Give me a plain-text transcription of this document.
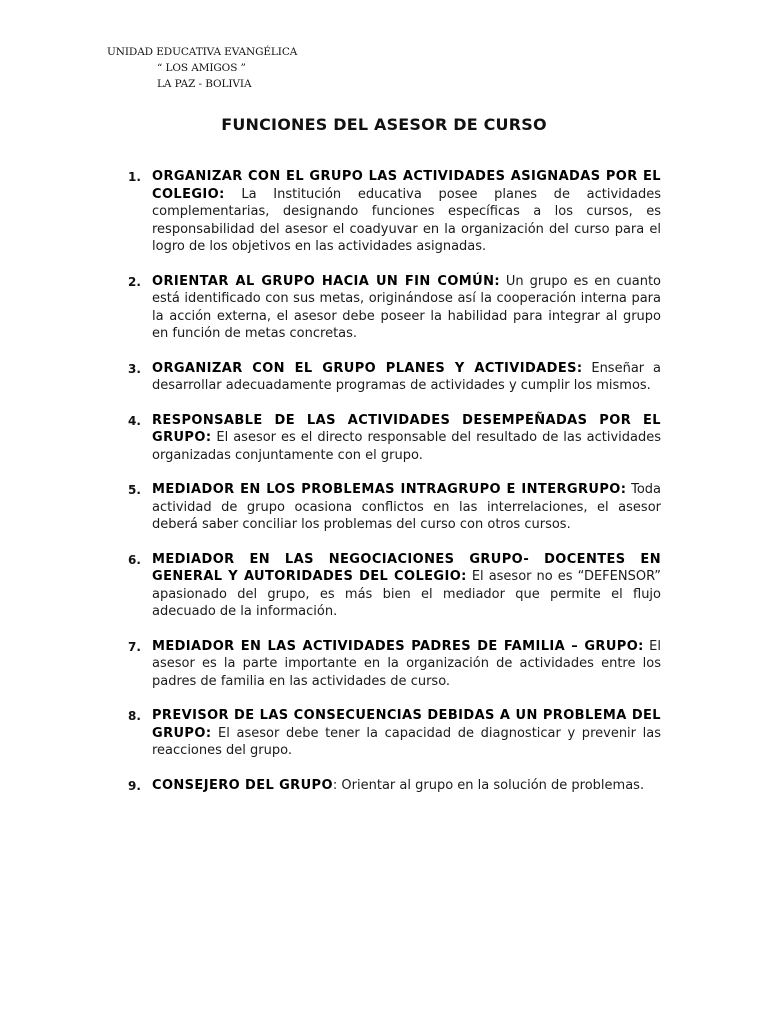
UNIDAD EDUCATIVA EVANGÉLICA
“ LOS AMIGOS ”
LA PAZ - BOLIVIA
FUNCIONES DEL ASESOR DE CURSO
1. ORGANIZAR CON EL GRUPO LAS ACTIVIDADES ASIGNADAS POR EL COLEGIO: La Institución educativa posee planes de actividades complementarias, designando funciones específicas a los cursos, es responsabilidad del asesor el coadyuvar en la organización del curso para el logro de los objetivos en las actividades asignadas.
2. ORIENTAR AL GRUPO HACIA UN FIN COMÚN: Un grupo es en cuanto está identificado con sus metas, originándose así la cooperación interna para la acción externa, el asesor debe poseer la habilidad para integrar al grupo en función de metas concretas.
3. ORGANIZAR CON EL GRUPO PLANES Y ACTIVIDADES: Enseñar a desarrollar adecuadamente programas de actividades y cumplir los mismos.
4. RESPONSABLE DE LAS ACTIVIDADES DESEMPEÑADAS POR EL GRUPO: El asesor es el directo responsable del resultado de las actividades organizadas conjuntamente con el grupo.
5. MEDIADOR EN LOS PROBLEMAS INTRAGRUPO E INTERGRUPO: Toda actividad de grupo ocasiona conflictos en las interrelaciones, el asesor deberá saber conciliar los problemas del curso con otros cursos.
6. MEDIADOR EN LAS NEGOCIACIONES GRUPO- DOCENTES EN GENERAL Y AUTORIDADES DEL COLEGIO: El asesor no es “DEFENSOR” apasionado del grupo, es más bien el mediador que permite el flujo adecuado de la información.
7. MEDIADOR EN LAS ACTIVIDADES PADRES DE FAMILIA – GRUPO: El asesor es la parte importante en la organización de actividades entre los padres de familia en las actividades de curso.
8. PREVISOR DE LAS CONSECUENCIAS DEBIDAS A UN PROBLEMA DEL GRUPO: El asesor debe tener la capacidad de diagnosticar y prevenir las reacciones del grupo.
9. CONSEJERO DEL GRUPO: Orientar al grupo en la solución de problemas.
